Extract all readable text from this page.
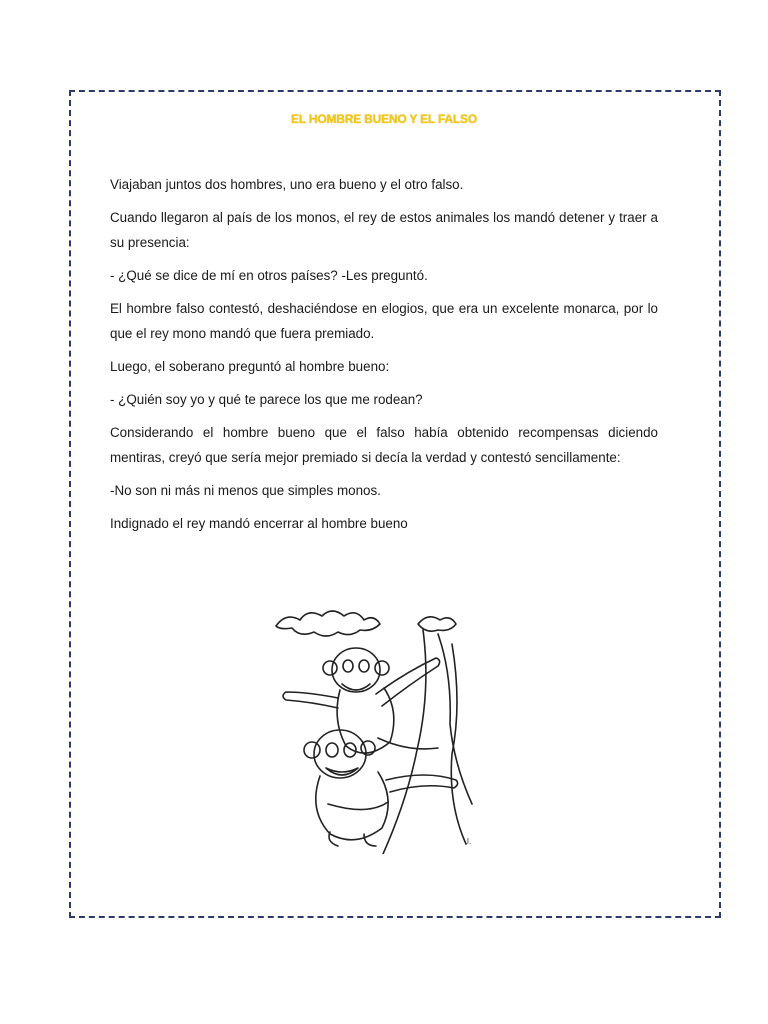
EL HOMBRE BUENO Y EL FALSO

Viajaban juntos dos hombres, uno era bueno y el otro falso.

Cuando llegaron al país de los monos, el rey de estos animales los mandó detener y traer a su presencia:

- ¿Qué se dice de mí en otros países? -Les preguntó.

El hombre falso contestó, deshaciéndose en elogios, que era un excelente monarca, por lo que el rey mono mandó que fuera premiado.

Luego, el soberano preguntó al hombre bueno:

- ¿Quién soy yo y qué te parece los que me rodean?

Considerando el hombre bueno que el falso había obtenido recompensas diciendo mentiras, creyó que sería mejor premiado si decía la verdad y contestó sencillamente:

-No son ni más ni menos que simples monos.

Indignado el rey mandó encerrar al hombre bueno

J.
